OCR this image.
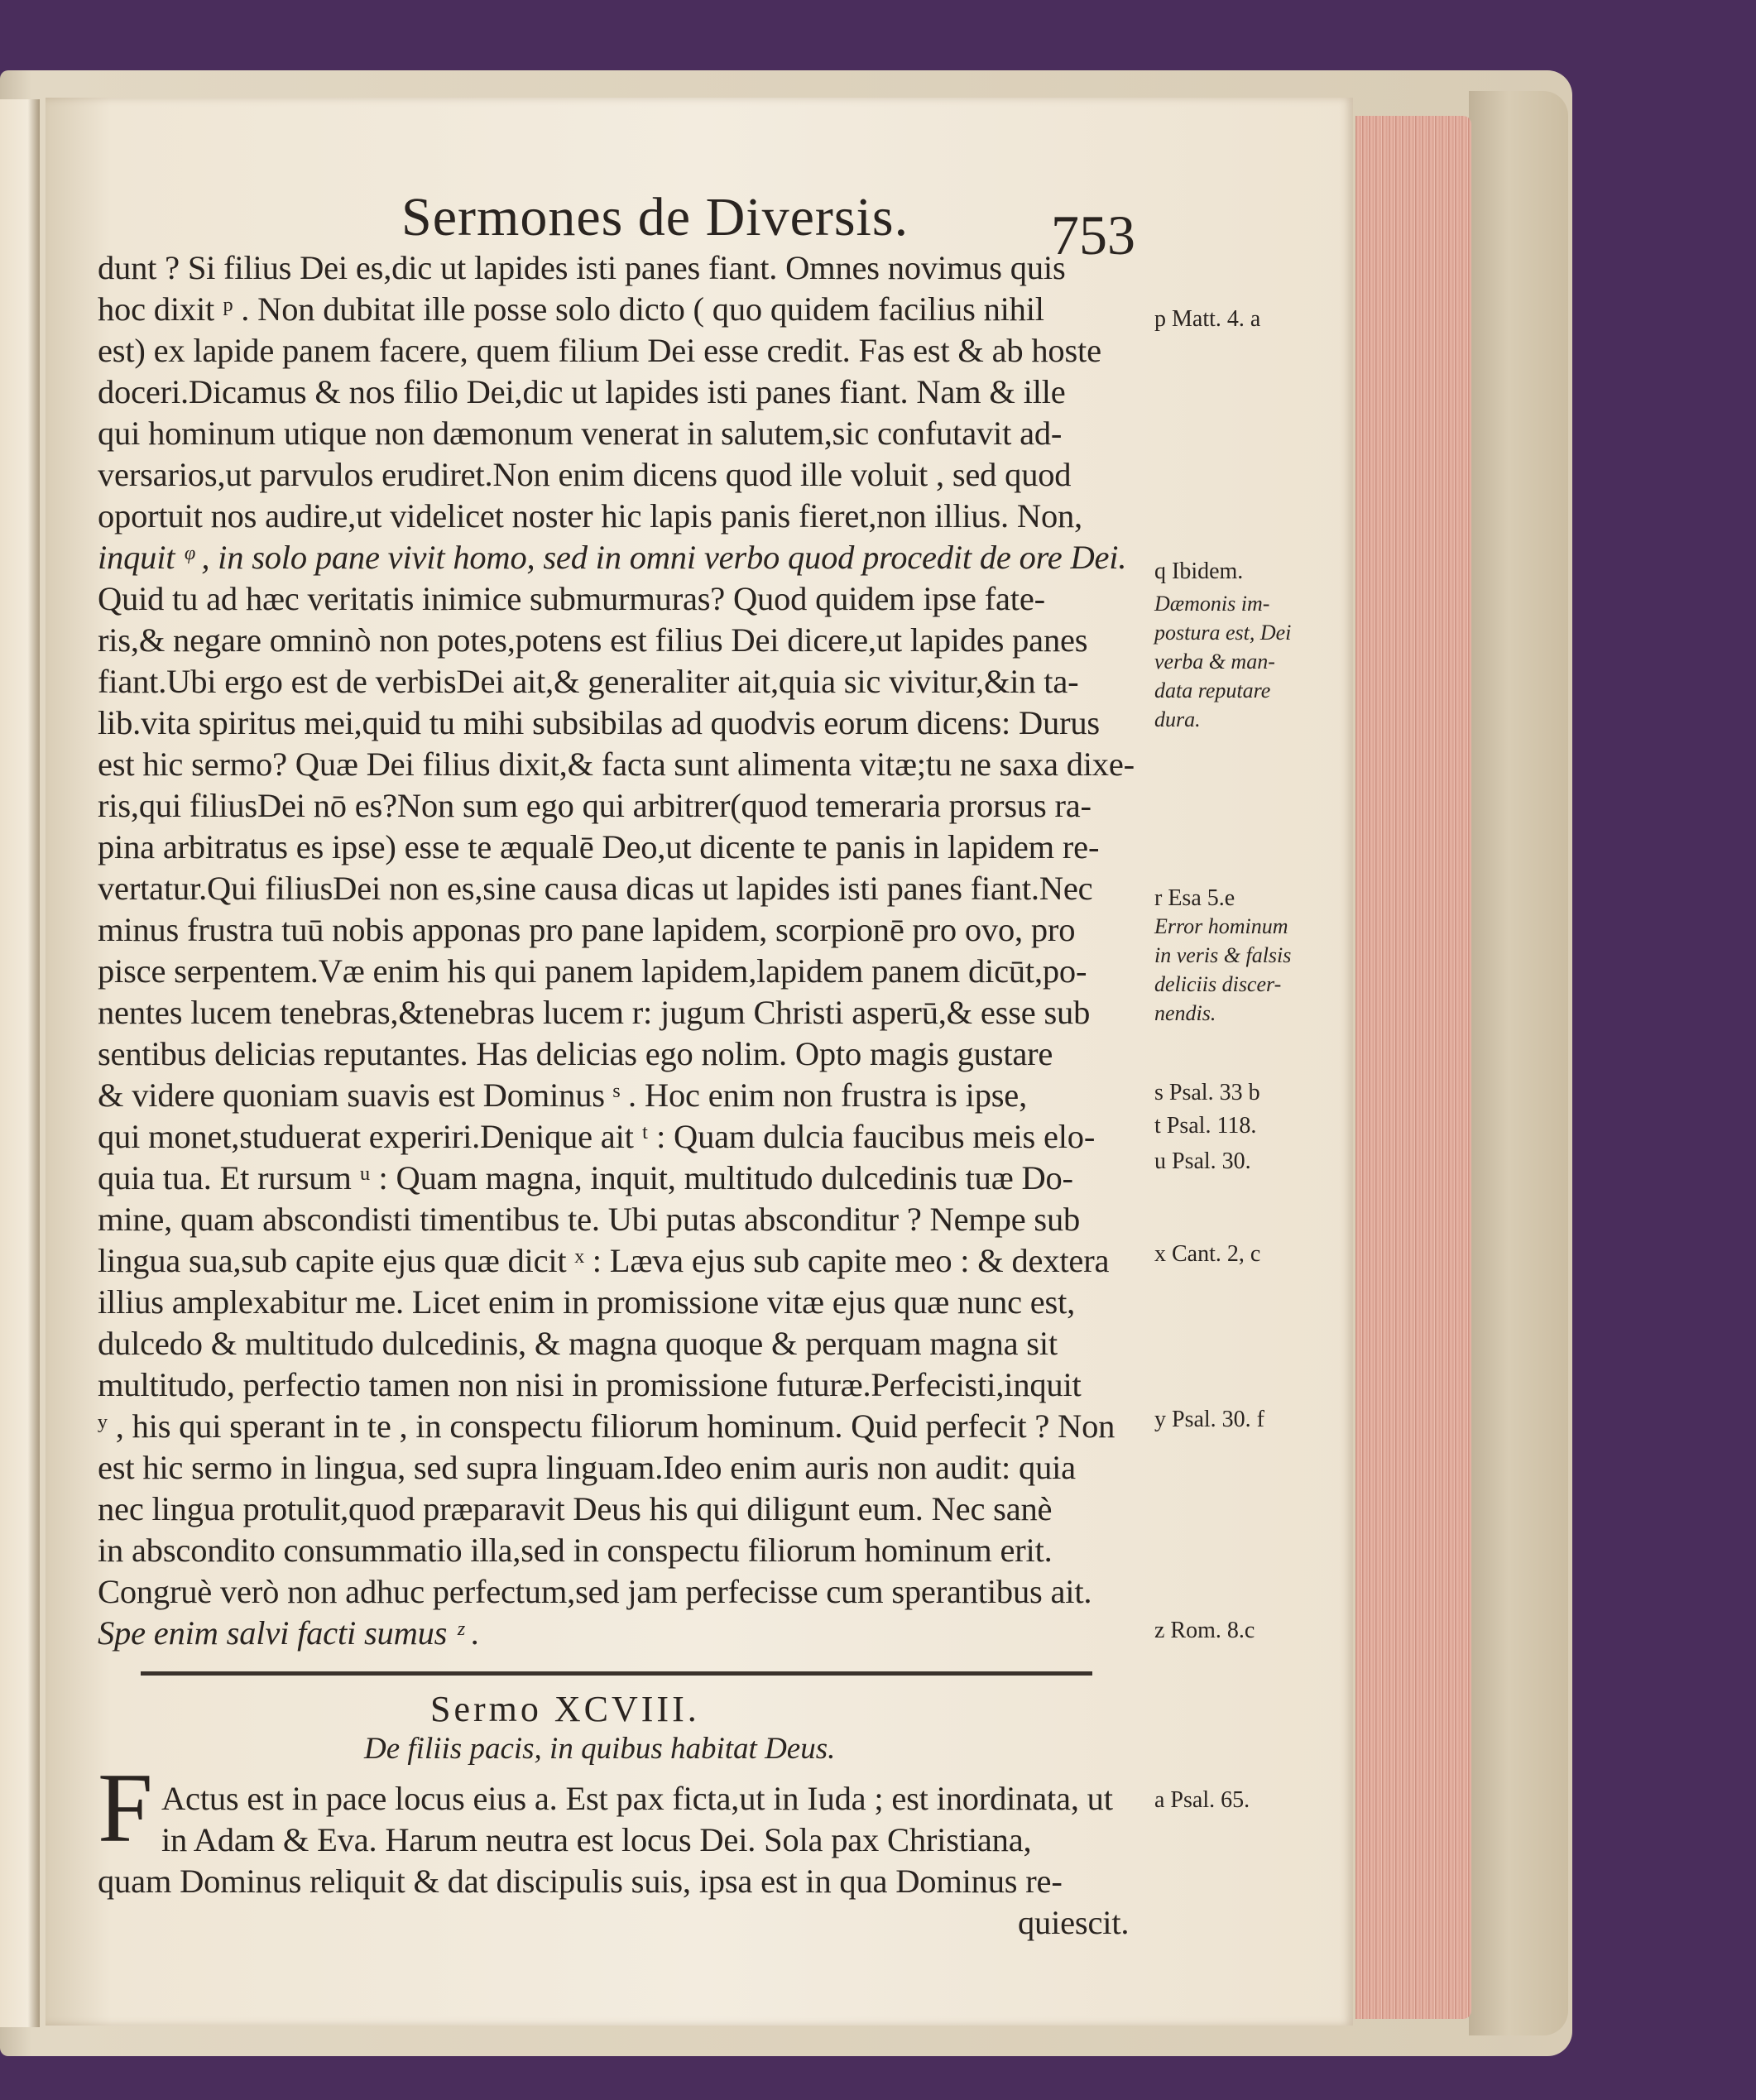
Sermones de Diversis.	753
dunt ? Si filius Dei es,dic ut lapides isti panes fiant. Omnes novimus quis
hoc dixit ᵖ . Non dubitat ille posse solo dicto ( quo quidem facilius nihil
est) ex lapide panem facere, quem filium Dei esse credit. Fas est & ab hoste
doceri.Dicamus & nos filio Dei,dic ut lapides isti panes fiant. Nam & ille
qui hominum utique non dæmonum venerat in salutem,sic confutavit ad-
versarios,ut parvulos erudiret.Non enim dicens quod ille voluit , sed quod
oportuit nos audire,ut videlicet noster hic lapis panis fieret,non illius. Non,
inquit ᵠ , in solo pane vivit homo, sed in omni verbo quod procedit de ore Dei.
Quid tu ad hæc veritatis inimice submurmuras? Quod quidem ipse fate-
ris,& negare omninò non potes,potens est filius Dei dicere,ut lapides panes
fiant.Ubi ergo est de verbisDei ait,& generaliter ait,quia sic vivitur,&in ta-
lib.vita spiritus mei,quid tu mihi subsibilas ad quodvis eorum dicens: Durus
est hic sermo? Quæ Dei filius dixit,& facta sunt alimenta vitæ;tu ne saxa dixe-
ris,qui filiusDei nō es?Non sum ego qui arbitrer(quod temeraria prorsus ra-
pina arbitratus es ipse) esse te æqualē Deo,ut dicente te panis in lapidem re-
vertatur.Qui filiusDei non es,sine causa dicas ut lapides isti panes fiant.Nec
minus frustra tuū nobis apponas pro pane lapidem, scorpionē pro ovo, pro
pisce serpentem.Væ enim his qui panem lapidem,lapidem panem dicūt,po-
nentes lucem tenebras,&tenebras lucem r: jugum Christi asperū,& esse sub
sentibus delicias reputantes. Has delicias ego nolim. Opto magis gustare
& videre quoniam suavis est Dominus ˢ . Hoc enim non frustra is ipse,
qui monet,studuerat experiri.Denique ait ᵗ : Quam dulcia faucibus meis elo-
quia tua. Et rursum ᵘ : Quam magna, inquit, multitudo dulcedinis tuæ Do-
mine, quam abscondisti timentibus te. Ubi putas absconditur ? Nempe sub
lingua sua,sub capite ejus quæ dicit ˣ : Læva ejus sub capite meo : & dextera
illius amplexabitur me. Licet enim in promissione vitæ ejus quæ nunc est,
dulcedo & multitudo dulcedinis, & magna quoque & perquam magna sit
multitudo, perfectio tamen non nisi in promissione futuræ.Perfecisti,inquit
ʸ , his qui sperant in te , in conspectu filiorum hominum. Quid perfecit ? Non
est hic sermo in lingua, sed supra linguam.Ideo enim auris non audit: quia
nec lingua protulit,quod præparavit Deus his qui diligunt eum. Nec sanè
in abscondito consummatio illa,sed in conspectu filiorum hominum erit.
Congruè verò non adhuc perfectum,sed jam perfecisse cum sperantibus ait.
Spe enim salvi facti sumus ᶻ .
p Matt. 4. a
q Ibidem.
Dæmonis im-
postura est, Dei
verba & man-
data reputare
dura.
r Esa 5.e
Error hominum
in veris & falsis
deliciis discer-
nendis.
s Psal. 33 b
t Psal. 118.
u Psal. 30.
x Cant. 2, c
y Psal. 30. f
z Rom. 8.c
a Psal. 65.
Sermo XCVIII.
De filiis pacis, in quibus habitat Deus.
F Actus est in pace locus eius a. Est pax ficta,ut in Iuda ; est inordinata, ut
in Adam & Eva. Harum neutra est locus Dei. Sola pax Christiana,
quam Dominus reliquit & dat discipulis suis, ipsa est in qua Dominus re-
quiescit.
